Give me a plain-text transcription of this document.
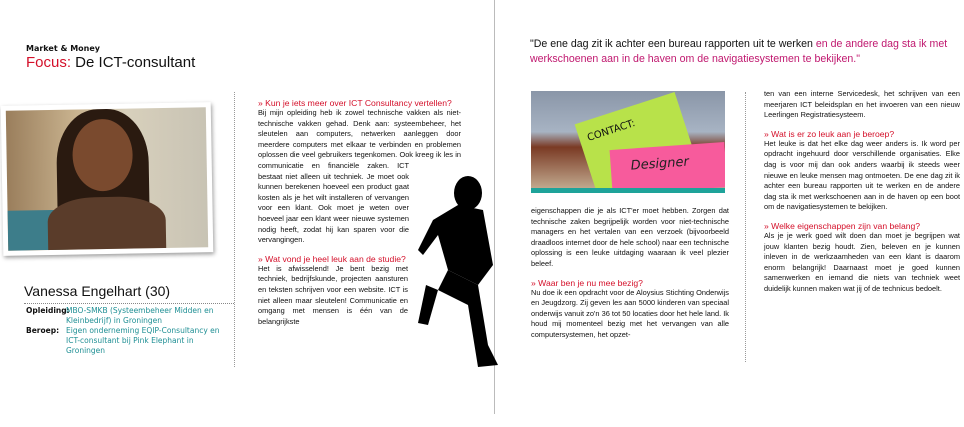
Market & Money
Focus: De ICT-consultant
Vanessa Engelhart (30)
Opleiding:MBO-SMKB (Systeembeheer Midden en Kleinbedrijf) in Groningen
Beroep: Eigen onderneming EQIP-Consultancy en ICT-consultant bij Pink Elephant in Groningen
» Kun je iets meer over ICT Consultancy vertellen?

Bij mijn opleiding heb ik zowel technische vakken als niet-technische vakken gehad. Denk aan: systeembeheer, het sleutelen aan computers, netwerken aanleggen door meerdere computers met elkaar te verbinden en problemen oplossen die veel gebruikers tegenkomen. Ook kreeg ik les in communicatie en financiële zaken. ICT bestaat niet alleen uit techniek. Je moet ook kunnen berekenen hoeveel een product gaat kosten als je het wilt installeren of vervangen voor een klant. Ook moet je weten over hoeveel jaar een klant weer nieuwe systemen nodig heeft, zodat hij kan sparen voor die vervangingen.

» Wat vond je heel leuk aan de studie?

Het is afwisselend! Je bent bezig met techniek, bedrijfskunde, projecten aansturen en teksten schrijven voor een website. ICT is niet alleen maar sleutelen! Communicatie en omgang met mensen is één van de belangrijkste

"De ene dag zit ik achter een bureau rapporten uit te werken en de andere dag sta ik met werkschoenen aan in de haven om de navigatiesystemen te bekijken."
CONTACT:
Designer

eigenschappen die je als ICT'er moet hebben. Zorgen dat technische zaken begrijpelijk worden voor niet-technische managers en het vertalen van een verzoek (bijvoorbeeld draadloos internet door de hele school) naar een technische oplossing is een leuke uitdaging waaraan ik veel plezier beleef.

» Waar ben je nu mee bezig?

Nu doe ik een opdracht voor de Aloysius Stichting Onderwijs en Jeugdzorg. Zij geven les aan 5000 kinderen van speciaal onderwijs vanuit zo'n 36 tot 50 locaties door het hele land. Ik houd mij momenteel bezig met het vervangen van alle computersystemen, het opzet-

ten van een interne Servicedesk, het schrijven van een meerjaren ICT beleidsplan en het invoeren van een nieuw Leerlingen Registratiesysteem.

» Wat is er zo leuk aan je beroep?

Het leuke is dat het elke dag weer anders is. Ik word per opdracht ingehuurd door verschillende organisaties. Elke dag is voor mij dan ook anders waarbij ik steeds weer nieuwe en leuke mensen mag ontmoeten. De ene dag zit ik achter een bureau rapporten uit te werken en de andere dag sta ik met werkschoenen aan in de haven op een boot om de navigatiesystemen te bekijken.

» Welke eigenschappen zijn van belang?

Als je je werk goed wilt doen dan moet je begrijpen wat jouw klanten bezig houdt. Zien, beleven en je kunnen inleven in de werkzaamheden van een klant is daarom enorm belangrijk! Daarnaast moet je goed kunnen samenwerken en iemand die niets van techniek weet duidelijk kunnen maken wat jij of de technicus bedoelt.
